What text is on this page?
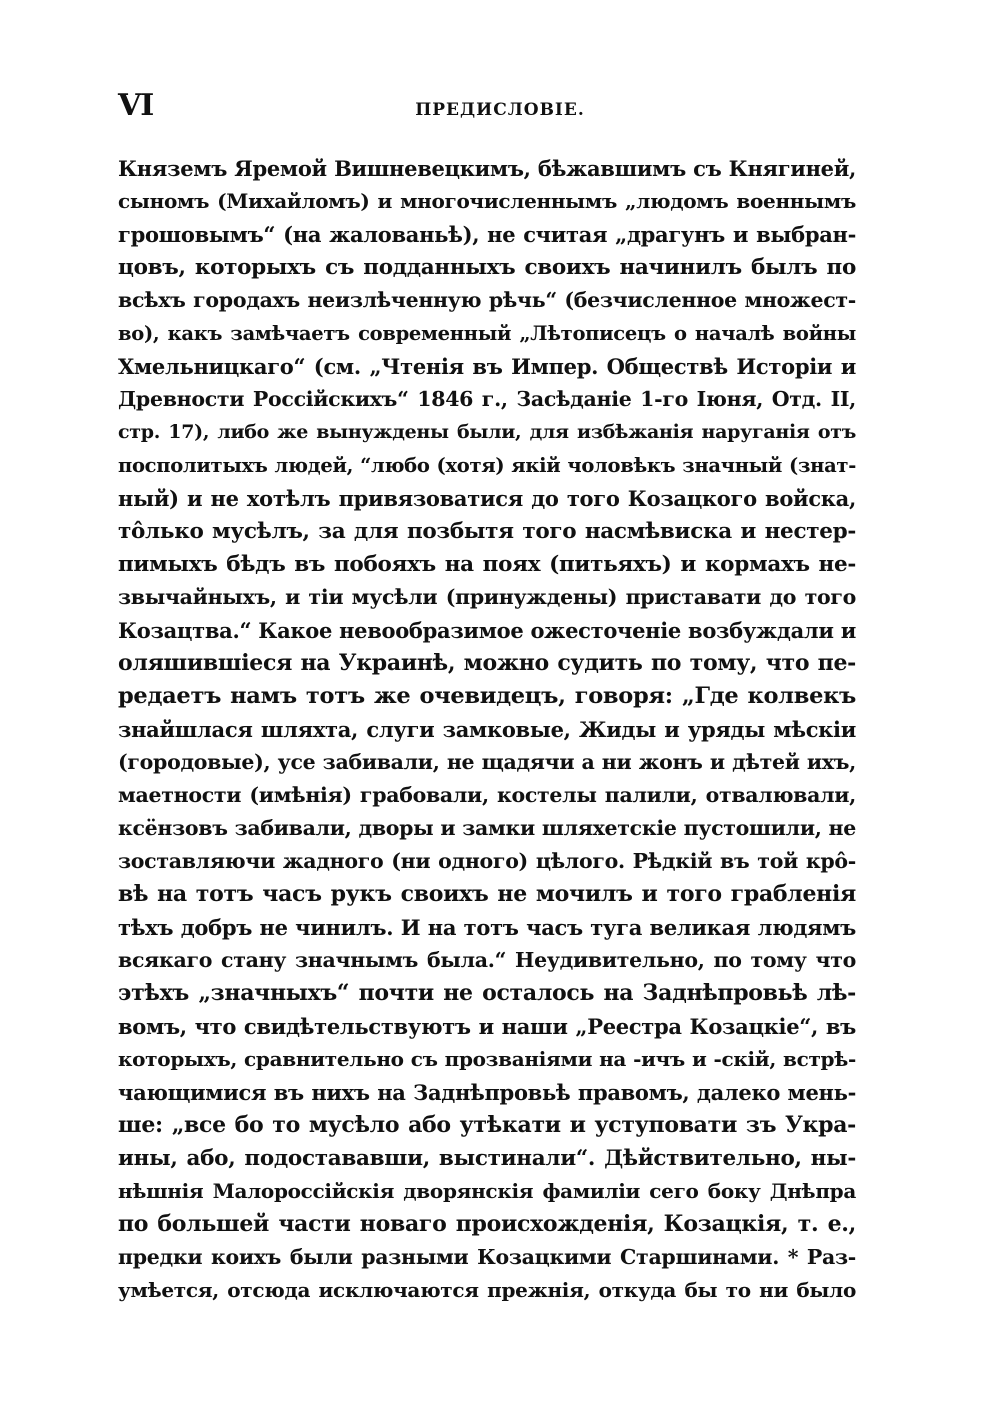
VI	ПРЕДИСЛОВІЕ.
Княземъ Яремой Вишневецкимъ, бѣжавшимъ съ Княгиней,
сыномъ (Михайломъ) и многочисленнымъ „людомъ военнымъ
грошовымъ“ (на жалованьѣ), не считая „драгунъ и выбран-
цовъ, которыхъ съ подданныхъ своихъ начинилъ былъ по
всѣхъ городахъ неизлѣченную рѣчь“ (безчисленное множест-
во), какъ замѣчаетъ современный „Лѣтописецъ о началѣ войны
Хмельницкаго“ (см. „Чтенія въ Импер. Обществѣ Исторіи и
Древности Россійскихъ“ 1846 г., Засѣданіе 1-го Іюня, Отд. II,
стр. 17), либо же вынуждены были, для избѣжанія наруганія отъ
посполитыхъ людей, “любо (хотя) якій чоловѣкъ значный (знат-
ный) и не хотѣлъ привязоватися до того Козацкого войска,
тôлько мусѣлъ, за для позбытя того насмѣвиска и нестер-
пимыхъ бѣдъ въ побояхъ на поях (питьяхъ) и кормахъ не-
звычайныхъ, и тіи мусѣли (принуждены) приставати до того
Козацтва.“ Какое невообразимое ожесточеніе возбуждали и
оляшившіеся на Украинѣ, можно судить по тому, что пе-
редаетъ намъ тотъ же очевидецъ, говоря: „Где колвекъ
знайшлася шляхта, слуги замковые, Жиды и уряды мѣскіи
(городовые), усе забивали, не щадячи а ни жонъ и дѣтей ихъ,
маетности (имѣнія) грабовали, костелы палили, отвалювали,
ксёнзовъ забивали, дворы и замки шляхетскіе пустошили, не
зоставляючи жадного (ни одного) цѣлого. Рѣдкій въ той крô-
вѣ на тотъ часъ рукъ своихъ не мочилъ и того грабленія
тѣхъ добръ не чинилъ. И на тотъ часъ туга великая людямъ
всякаго стану значнымъ была.“ Неудивительно, по тому что
этѣхъ „значныхъ“ почти не осталось на Заднѣпровьѣ лѣ-
вомъ, что свидѣтельствуютъ и наши „Реестра Козацкіе“, въ
которыхъ, сравнительно съ прозваніями на -ичъ и -скій, встрѣ-
чающимися въ нихъ на Заднѣпровьѣ правомъ, далеко мень-
ше: „все бо то мусѣло або утѣкати и уступовати зъ Укра-
ины, або, подостававши, выстинали“. Дѣйствительно, ны-
нѣшнія Малороссійскія дворянскія фамиліи сего боку Днѣпра
по большей части новаго происхожденія, Козацкія, т. е.,
предки коихъ были разными Козацкими Старшинами. * Раз-
умѣется, отсюда исключаются прежнія, откуда бы то ни было
